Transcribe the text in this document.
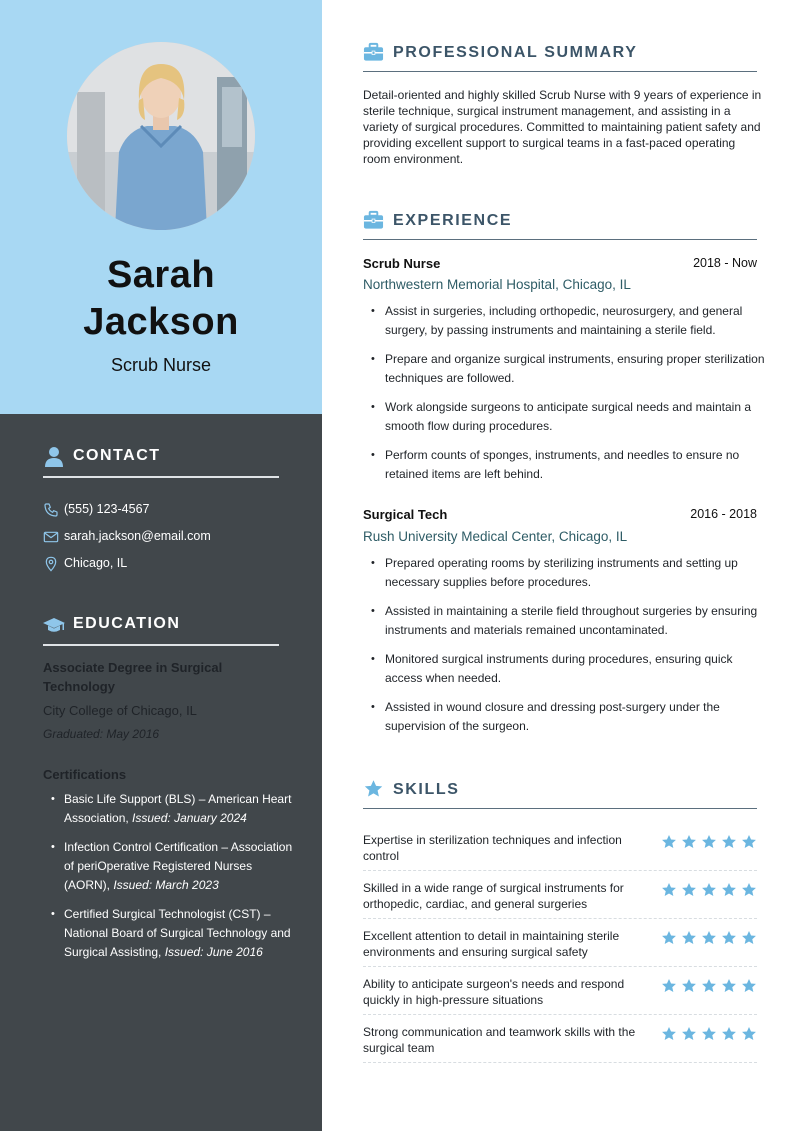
Sarah
Jackson
Scrub Nurse
CONTACT
(555) 123-4567
sarah.jackson@email.com
Chicago, IL
EDUCATION
Associate Degree in Surgical Technology
City College of Chicago, IL
Graduated: May 2016
Certifications
• Basic Life Support (BLS) – American Heart Association, Issued: January 2024
• Infection Control Certification – Association of periOperative Registered Nurses (AORN), Issued: March 2023
• Certified Surgical Technologist (CST) – National Board of Surgical Technology and Surgical Assisting, Issued: June 2016
PROFESSIONAL SUMMARY
Detail-oriented and highly skilled Scrub Nurse with 9 years of experience in sterile technique, surgical instrument management, and assisting in a variety of surgical procedures. Committed to maintaining patient safety and providing excellent support to surgical teams in a fast-paced operating room environment.
EXPERIENCE
Scrub Nurse	2018 - Now
Northwestern Memorial Hospital, Chicago, IL
• Assist in surgeries, including orthopedic, neurosurgery, and general surgery, by passing instruments and maintaining a sterile field.
• Prepare and organize surgical instruments, ensuring proper sterilization techniques are followed.
• Work alongside surgeons to anticipate surgical needs and maintain a smooth flow during procedures.
• Perform counts of sponges, instruments, and needles to ensure no retained items are left behind.
Surgical Tech	2016 - 2018
Rush University Medical Center, Chicago, IL
• Prepared operating rooms by sterilizing instruments and setting up necessary supplies before procedures.
• Assisted in maintaining a sterile field throughout surgeries by ensuring instruments and materials remained uncontaminated.
• Monitored surgical instruments during procedures, ensuring quick access when needed.
• Assisted in wound closure and dressing post-surgery under the supervision of the surgeon.
SKILLS
Expertise in sterilization techniques and infection control
Skilled in a wide range of surgical instruments for orthopedic, cardiac, and general surgeries
Excellent attention to detail in maintaining sterile environments and ensuring surgical safety
Ability to anticipate surgeon's needs and respond quickly in high-pressure situations
Strong communication and teamwork skills with the surgical team
